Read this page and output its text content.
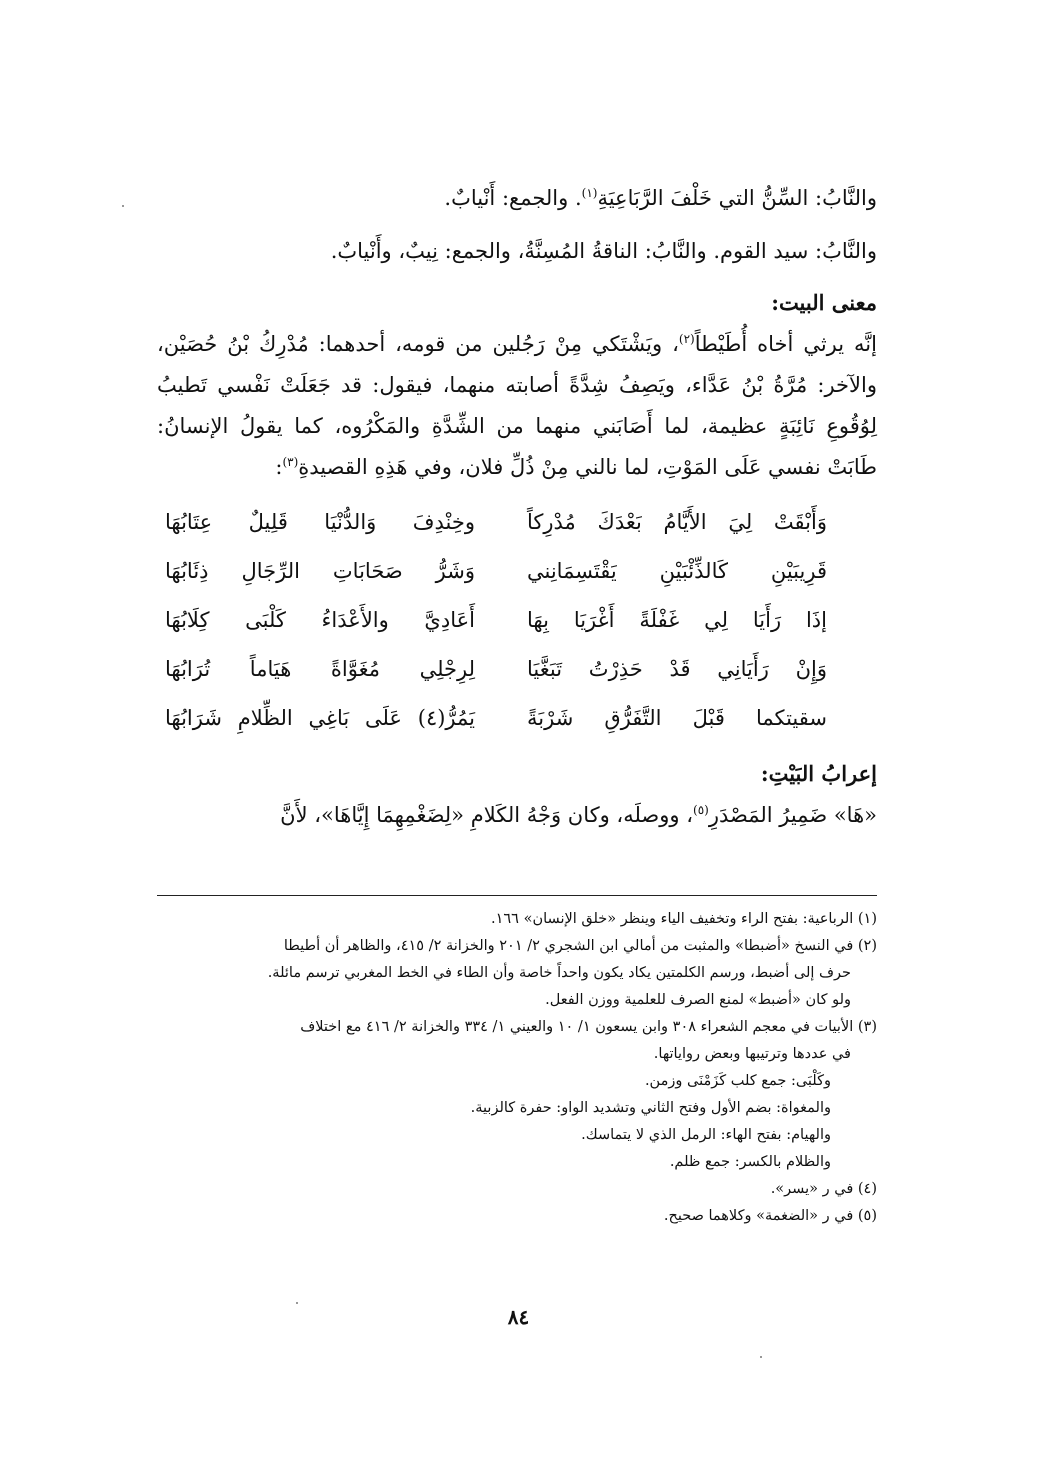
والنَّابُ: السِّنُّ التي خَلْفَ الرَّبَاعِيَةِ$^{(١)}$. والجمع: أَنْيابٌ.

والنَّابُ: سيد القوم. والنَّابُ: الناقةُ المُسِنَّةُ، والجمع: نِيبٌ، وأَنْيابٌ.

معنى البيت:

إنَّه يرثي أخاه أُطَيْطاً$^{(٢)}$، ويَشْتَكي مِنْ رَجُلين من قومه، أحدهما: مُدْرِكُ بْنُ حُصَيْن، والآخر: مُرَّةُ بْنُ عَدَّاء، ويَصِفُ شِدَّةً أصابته منهما، فيقول: قد جَعَلَتْ نَفْسي تَطيبُ لِوُقُوعِ نَائِبَةٍ عظيمة، لما أَصَابَني منهما من الشِّدَّةِ والمَكْرُوه، كما يقولُ الإنسانُ: طَابَتْ نفسي عَلَى المَوْتِ، لما نالني مِنْ ذُلِّ فلان، وفي هَذِهِ القصيدةِ$^{(٣)}$:

وَأَبْقَتْ لِيَ الأَيَّامُ بَعْدَكَ مُدْرِكاً
وخِنْدِفَ وَالدُّنْيَا قَلِيلٌ عِتَابُهَا
قَرِيبَيْنِ كَالذِّئْبَيْنِ يَقْتَسِمَانِني
وَشَرُّ صَحَابَاتِ الرِّجَالِ ذِئَابُهَا
إذَا رَأَيَا لِي غَفْلَةً أَغْرَيَا بِهَا
أَعَادِيَّ والأَعْدَاءُ كَلْبَى كِلَابُهَا
وَإِنْ رَأَيَانِي قَدْ حَذِرْتُ تَبَغَّيَا
لِرِجْلِي مُغَوَّاةً هَيَاماً تُرَابُهَا
سقيتكما قَبْلَ التَّفَرُّقِ شَرْبَةً
يَمُرُّ(٤) عَلَى بَاغِي الظِّلامِ شَرَابُهَا
إعرابُ البَيْتِ:

«هَا» ضَمِيرُ المَصْدَرِ$^{(٥)}$، ووصلَه، وكان وَجْهُ الكَلامِ «لِضَغْمِهِمَا إِيَّاهَا»، لأَنَّ

(١) الرباعية: بفتح الراء وتخفيف الياء وينظر «خلق الإنسان» ١٦٦.

(٢) في النسخ «أضبطا» والمثبت من أمالي ابن الشجري ٢/ ٢٠١ والخزانة ٢/ ٤١٥، والظاهر أن أطيطا

حرف إلى أضبط، ورسم الكلمتين يكاد يكون واحداً خاصة وأن الطاء في الخط المغربي ترسم مائلة.

ولو كان «أضبط» لمنع الصرف للعلمية ووزن الفعل.

(٣) الأبيات في معجم الشعراء ٣٠٨ وابن يسعون ١/ ١٠ والعيني ١/ ٣٣٤ والخزانة ٢/ ٤١٦ مع اختلاف

في عددها وترتيبها وبعض رواياتها.

وكَلْبَى: جمع كلب كَزَمْنَى وزمن.

والمغواة: بضم الأول وفتح الثاني وتشديد الواو: حفرة كالزبية.

والهيام: بفتح الهاء: الرمل الذي لا يتماسك.

والظلام بالكسر: جمع ظلم.

(٤) في ر «يسر».

(٥) في ر «الضغمة» وكلاهما صحيح.

٨٤
